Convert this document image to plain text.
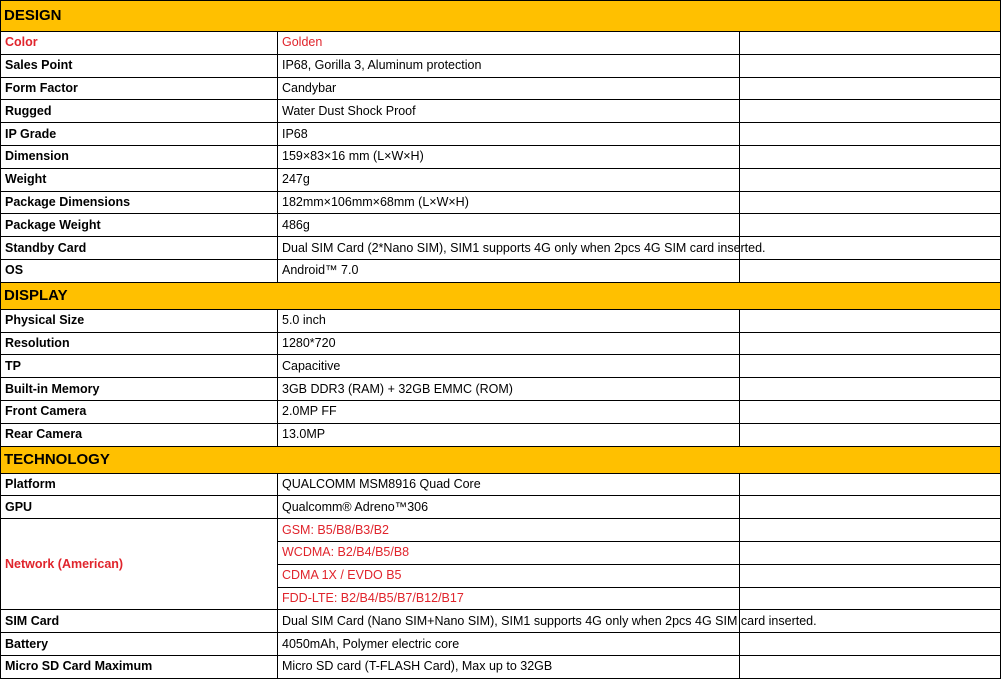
DESIGN		
Color	Golden	
Sales Point	IP68, Gorilla 3, Aluminum protection	
Form Factor	Candybar	
Rugged	Water Dust Shock Proof	
IP Grade	IP68	
Dimension	159×83×16 mm (L×W×H)	
Weight	247g	
Package Dimensions	182mm×106mm×68mm (L×W×H)	
Package Weight	486g	
Standby Card	Dual SIM Card (2*Nano SIM), SIM1 supports 4G only when 2pcs 4G SIM card inserted.	
OS	Android™ 7.0	
DISPLAY		
Physical Size	5.0 inch	
Resolution	1280*720	
TP	Capacitive	
Built-in Memory	3GB DDR3 (RAM) + 32GB EMMC (ROM)	
Front Camera	2.0MP FF	
Rear Camera	13.0MP	
TECHNOLOGY		
Platform	QUALCOMM MSM8916 Quad Core	
GPU	Qualcomm® Adreno™306	
Network (American)	GSM: B5/B8/B3/B2	
	WCDMA: B2/B4/B5/B8	
	CDMA 1X / EVDO B5	
	FDD-LTE: B2/B4/B5/B7/B12/B17	
SIM Card	Dual SIM Card (Nano SIM+Nano SIM), SIM1 supports 4G only when 2pcs 4G SIM card inserted.	
Battery	4050mAh, Polymer electric core	
Micro SD Card Maximum	Micro SD card (T-FLASH Card), Max up to 32GB	
